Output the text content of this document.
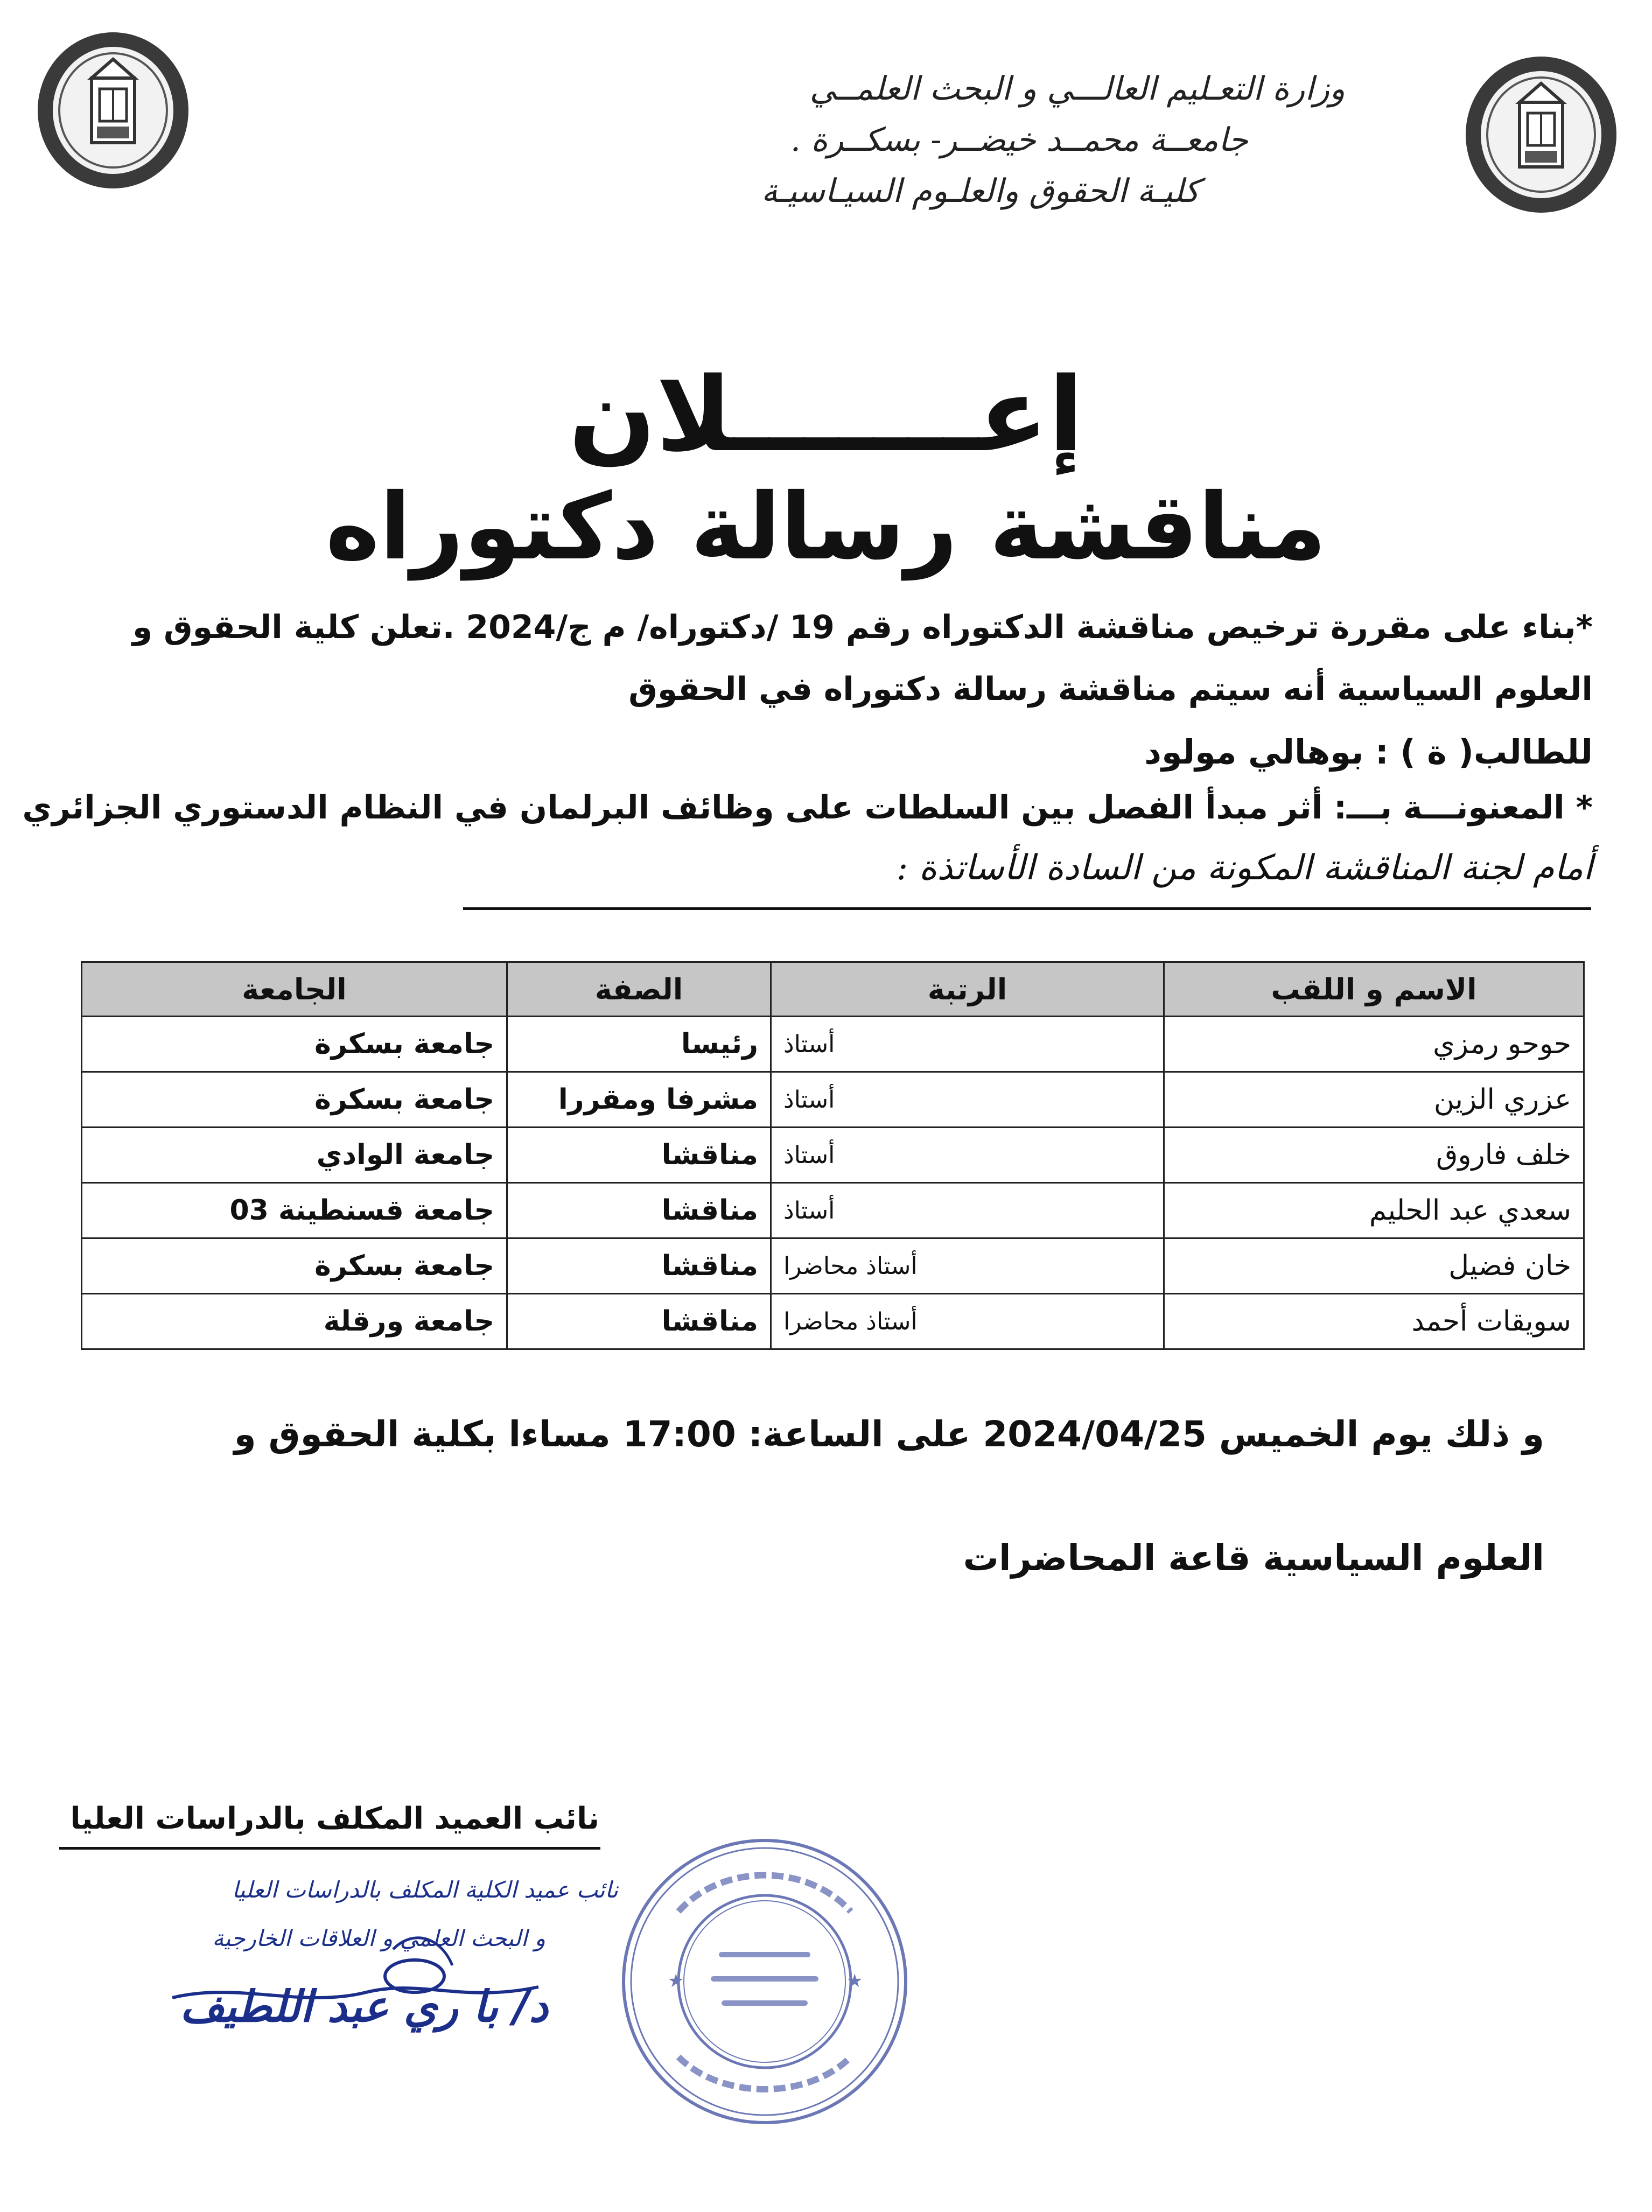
وزارة التعـليم العالـــي و البحث العلمــي
جامعــة محمــد خيضــر- بسكــرة .
كليـة الحقوق والعلـوم السيـاسيـة
إعـــــــلان
مناقشة رسالة دكتوراه
*بناء على مقررة ترخيص مناقشة الدكتوراه رقم 19 /دكتوراه/ م ج/2024 .تعلن كلية الحقوق و
العلوم السياسية أنه سيتم مناقشة رسالة دكتوراه في الحقوق
للطالب( ة ) : بوهالي مولود
* المعنونـــة بـــ: أثر مبدأ الفصل بين السلطات على وظائف البرلمان في النظام الدستوري الجزائري
أمام لجنة المناقشة المكونة من السادة الأساتذة :
الاسم و اللقب	الرتبة	الصفة	الجامعة
حوحو رمزي	أستاذ	رئيسا	جامعة بسكرة
عزري الزين	أستاذ	مشرفا ومقررا	جامعة بسكرة
خلف فاروق	أستاذ	مناقشا	جامعة الوادي
سعدي عبد الحليم	أستاذ	مناقشا	جامعة قسنطينة 03
خان فضيل	أستاذ محاضرا	مناقشا	جامعة بسكرة
سويقات أحمد	أستاذ محاضرا	مناقشا	جامعة ورقلة
و ذلك يوم الخميس 2024/04/25 على الساعة: 17:00 مساءا بكلية الحقوق و
العلوم السياسية قاعة المحاضرات
نائب العميد المكلف بالدراسات العليا
نائب عميد الكلية المكلف بالدراسات العليا
و البحث العلمي و العلاقات الخارجية
د/ با ري عبد اللطيف
★	★
